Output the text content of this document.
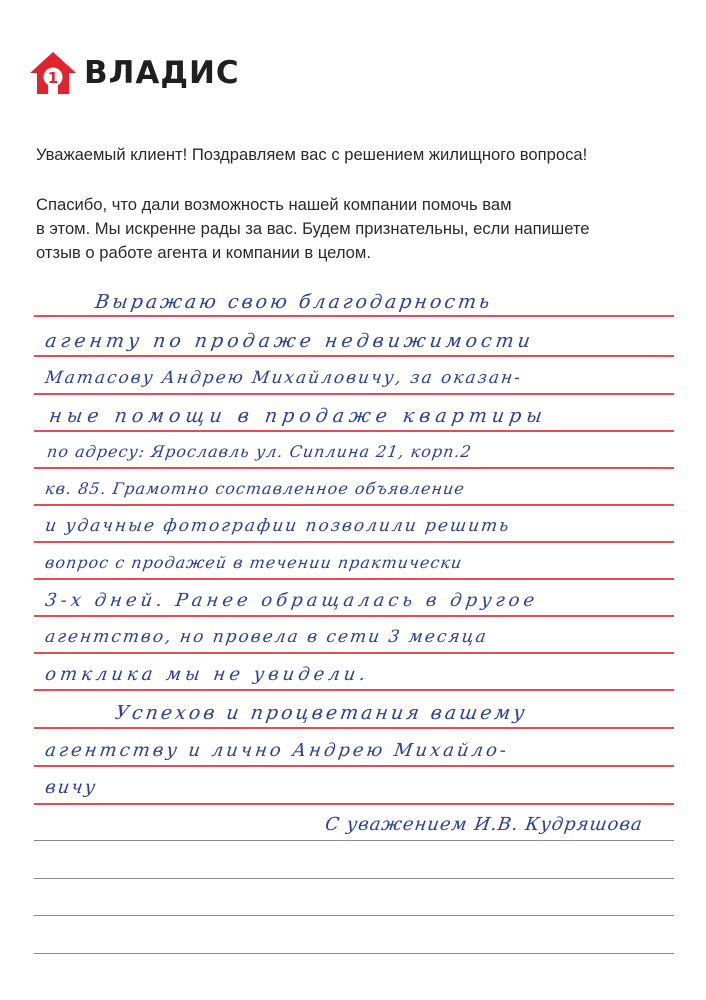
1 ВЛАДИС
Уважаемый клиент! Поздравляем вас с решением жилищного вопроса!
Спасибо, что дали возможность нашей компании помочь вам
в этом. Мы искренне рады за вас. Будем признательны, если напишете
отзыв о работе агента и компании в целом.
Выражаю свою благодарность
агенту по продаже недвижимости
Матасову Андрею Михайловичу, за оказан-
ные помощи в продаже квартиры
по адресу: Ярославль ул. Сиплина 21, корп.2
кв. 85. Грамотно составленное объявление
и удачные фотографии позволили решить
вопрос с продажей в течении практически
3-х дней. Ранее обращалась в другое
агентство, но провела в сети 3 месяца
отклика мы не увидели.
Успехов и процветания вашему
агентству и лично Андрею Михайло-
вичу
С уважением И.В. Кудряшова
